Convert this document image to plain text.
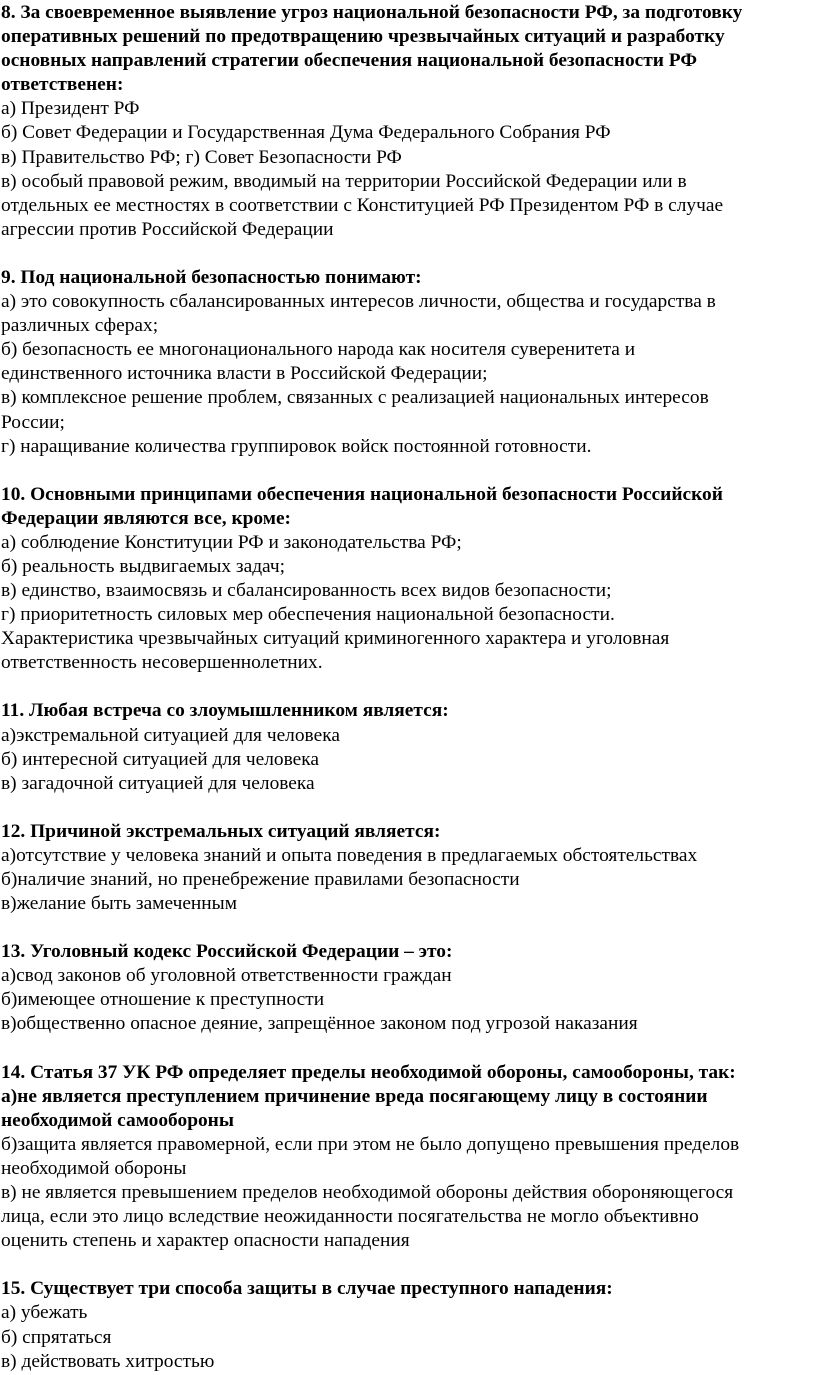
8. За своевременное выявление угроз национальной безопасности РФ, за подготовку
оперативных решений по предотвращению чрезвычайных ситуаций и разработку
основных направлений стратегии обеспечения национальной безопасности РФ
ответственен:
а) Президент РФ
б) Совет Федерации и Государственная Дума Федерального Собрания РФ
в) Правительство РФ; г) Совет Безопасности РФ
в) особый правовой режим, вводимый на территории Российской Федерации или в
отдельных ее местностях в соответствии с Конституцией РФ Президентом РФ в случае
агрессии против Российской Федерации
9. Под национальной безопасностью понимают:
а) это совокупность сбалансированных интересов личности, общества и государства в
различных сферах;
б) безопасность ее многонационального народа как носителя суверенитета и
единственного источника власти в Российской Федерации;
в) комплексное решение проблем, связанных с реализацией национальных интересов
России;
г) наращивание количества группировок войск постоянной готовности.
10. Основными принципами обеспечения национальной безопасности Российской
Федерации являются все, кроме:
а) соблюдение Конституции РФ и законодательства РФ;
б) реальность выдвигаемых задач;
в) единство, взаимосвязь и сбалансированность всех видов безопасности;
г) приоритетность силовых мер обеспечения национальной безопасности.
Характеристика чрезвычайных ситуаций криминогенного характера и уголовная
ответственность несовершеннолетних.
11. Любая встреча со злоумышленником является:
а)экстремальной ситуацией для человека
б) интересной ситуацией для человека
в) загадочной ситуацией для человека
12. Причиной экстремальных ситуаций является:
а)отсутствие у человека знаний и опыта поведения в предлагаемых обстоятельствах
б)наличие знаний, но пренебрежение правилами безопасности
в)желание быть замеченным
13. Уголовный кодекс Российской Федерации – это:
а)свод законов об уголовной ответственности граждан
б)имеющее отношение к преступности
в)общественно опасное деяние, запрещённое законом под угрозой наказания
14. Статья 37 УК РФ определяет пределы необходимой обороны, самообороны, так:
а)не является преступлением причинение вреда посягающему лицу в состоянии
необходимой самообороны
б)защита является правомерной, если при этом не было допущено превышения пределов
необходимой обороны
в) не является превышением пределов необходимой обороны действия обороняющегося
лица, если это лицо вследствие неожиданности посягательства не могло объективно
оценить степень и характер опасности нападения
15. Существует три способа защиты в случае преступного нападения:
а) убежать
б) спрятаться
в) действовать хитростью
